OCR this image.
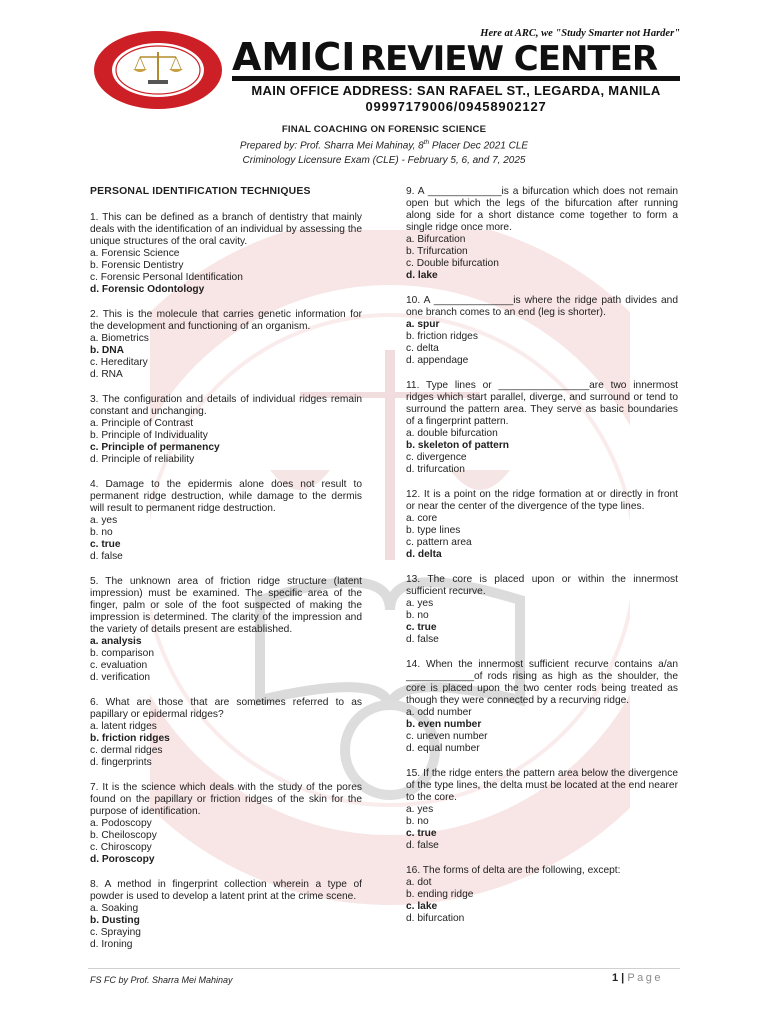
Here at ARC, we "Study Smarter not Harder"
AMICI REVIEW CENTER
MAIN OFFICE ADDRESS: SAN RAFAEL ST., LEGARDA, MANILA
09997179006/09458902127
FINAL COACHING ON FORENSIC SCIENCE
Prepared by: Prof. Sharra Mei Mahinay, 8th Placer Dec 2021 CLE
Criminology Licensure Exam (CLE) - February 5, 6, and 7, 2025
PERSONAL IDENTIFICATION TECHNIQUES
1. This can be defined as a branch of dentistry that mainly deals with the identification of an individual by assessing the unique structures of the oral cavity.
a. Forensic Science
b. Forensic Dentistry
c. Forensic Personal Identification
d. Forensic Odontology
2. This is the molecule that carries genetic information for the development and functioning of an organism.
a. Biometrics
b. DNA
c. Hereditary
d. RNA
3. The configuration and details of individual ridges remain constant and unchanging.
a. Principle of Contrast
b. Principle of Individuality
c. Principle of permanency
d. Principle of reliability
4. Damage to the epidermis alone does not result to permanent ridge destruction, while damage to the dermis will result to permanent ridge destruction.
a. yes
b. no
c. true
d. false
5. The unknown area of friction ridge structure (latent impression) must be examined. The specific area of the finger, palm or sole of the foot suspected of making the impression is determined. The clarity of the impression and the variety of details present are established.
a. analysis
b. comparison
c. evaluation
d. verification
6. What are those that are sometimes referred to as papillary or epidermal ridges?
a. latent ridges
b. friction ridges
c. dermal ridges
d. fingerprints
7. It is the science which deals with the study of the pores found on the papillary or friction ridges of the skin for the purpose of identification.
a. Podoscopy
b. Cheiloscopy
c. Chiroscopy
d. Poroscopy
8. A method in fingerprint collection wherein a type of powder is used to develop a latent print at the crime scene.
a. Soaking
b. Dusting
c. Spraying
d. Ironing
9. A _____________is a bifurcation which does not remain open but which the legs of the bifurcation after running along side for a short distance come together to form a single ridge once more.
a. Bifurcation
b. Trifurcation
c. Double bifurcation
d. lake
10. A ______________is where the ridge path divides and one branch comes to an end (leg is shorter).
a. spur
b. friction ridges
c. delta
d. appendage
11. Type lines or ________________are two innermost ridges which start parallel, diverge, and surround or tend to surround the pattern area. They serve as basic boundaries of a fingerprint pattern.
a. double bifurcation
b. skeleton of pattern
c. divergence
d. trifurcation
12. It is a point on the ridge formation at or directly in front or near the center of the divergence of the type lines.
a. core
b. type lines
c. pattern area
d. delta
13. The core is placed upon or within the innermost sufficient recurve.
a. yes
b. no
c. true
d. false
14. When the innermost sufficient recurve contains a/an ____________of rods rising as high as the shoulder, the core is placed upon the two center rods being treated as though they were connected by a recurving ridge.
a. odd number
b. even number
c. uneven number
d. equal number
15. If the ridge enters the pattern area below the divergence of the type lines, the delta must be located at the end nearer to the core.
a. yes
b. no
c. true
d. false
16. The forms of delta are the following, except:
a. dot
b. ending ridge
c. lake
d. bifurcation
FS FC by Prof. Sharra Mei Mahinay	1 | Page
